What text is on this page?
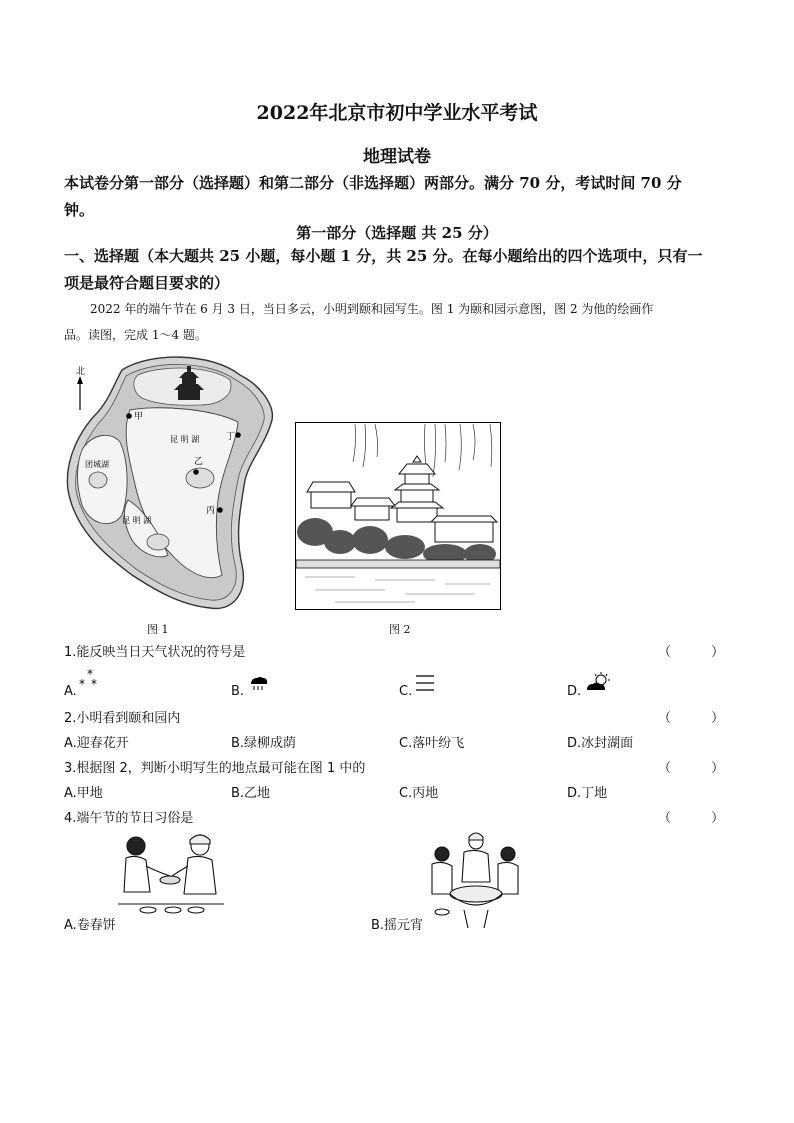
2022年北京市初中学业水平考试
地理试卷
本试卷分第一部分（选择题）和第二部分（非选择题）两部分。满分 70 分，考试时间 70 分
钟。
第一部分（选择题 共 25 分）
一、选择题（本大题共 25 小题，每小题 1 分，共 25 分。在每小题给出的四个选项中，只有一
项是最符合题目要求的）
2022 年的端午节在 6 月 3 日，当日多云，小明到颐和园写生。图 1 为颐和园示意图，图 2 为他的绘画作
品。读图，完成 1～4 题。
北
甲
丁
乙
丙
昆 明 湖
团城湖
昆 明 湖
图 1	图 2
1.能反映当日天气状况的符号是	（ ）
A.
*
* *	B.	C.	D.
2.小明看到颐和园内	（ ）
A.迎春花开	B.绿柳成荫	C.落叶纷飞	D.冰封湖面
3.根据图 2，判断小明写生的地点最可能在图 1 中的	（ ）
A.甲地	B.乙地	C.丙地	D.丁地
4.端午节的节日习俗是	（ ）
A.卷春饼	B.摇元宵
